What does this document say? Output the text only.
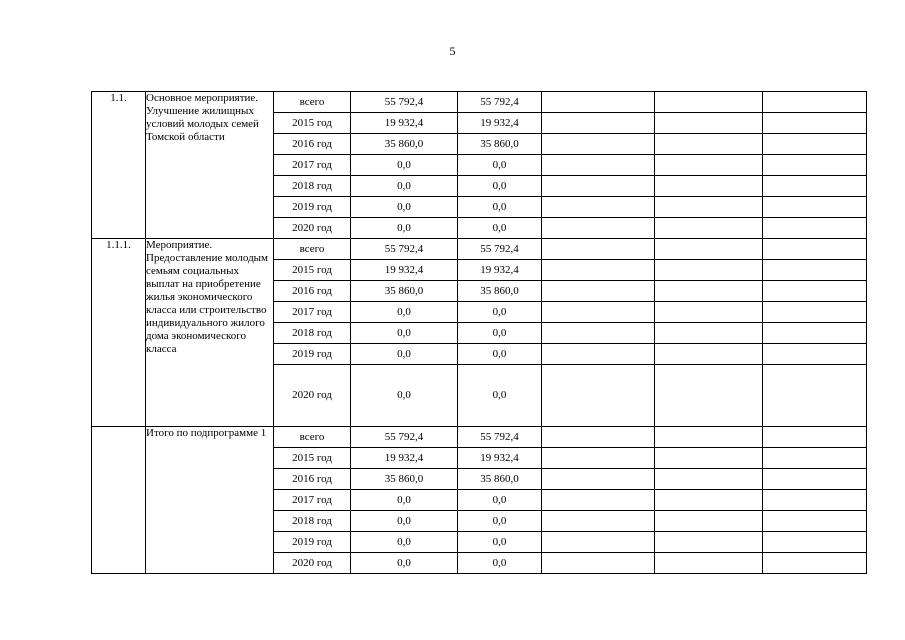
5
1.1.	Основное мероприятие. Улучшение жилищных условий молодых семей Томской области	всего	55 792,4	55 792,4			
		2015 год	19 932,4	19 932,4			
		2016 год	35 860,0	35 860,0			
		2017 год	0,0	0,0			
		2018 год	0,0	0,0			
		2019 год	0,0	0,0			
		2020 год	0,0	0,0			
1.1.1.	Мероприятие. Предоставление молодым семьям социальных выплат на приобретение жилья экономического класса или строительство индивидуального жилого дома экономического класса	всего	55 792,4	55 792,4			
		2015 год	19 932,4	19 932,4			
		2016 год	35 860,0	35 860,0			
		2017 год	0,0	0,0			
		2018 год	0,0	0,0			
		2019 год	0,0	0,0			
		2020 год	0,0	0,0			
	Итого по подпрограмме 1	всего	55 792,4	55 792,4			
		2015 год	19 932,4	19 932,4			
		2016 год	35 860,0	35 860,0			
		2017 год	0,0	0,0			
		2018 год	0,0	0,0			
		2019 год	0,0	0,0			
		2020 год	0,0	0,0			
